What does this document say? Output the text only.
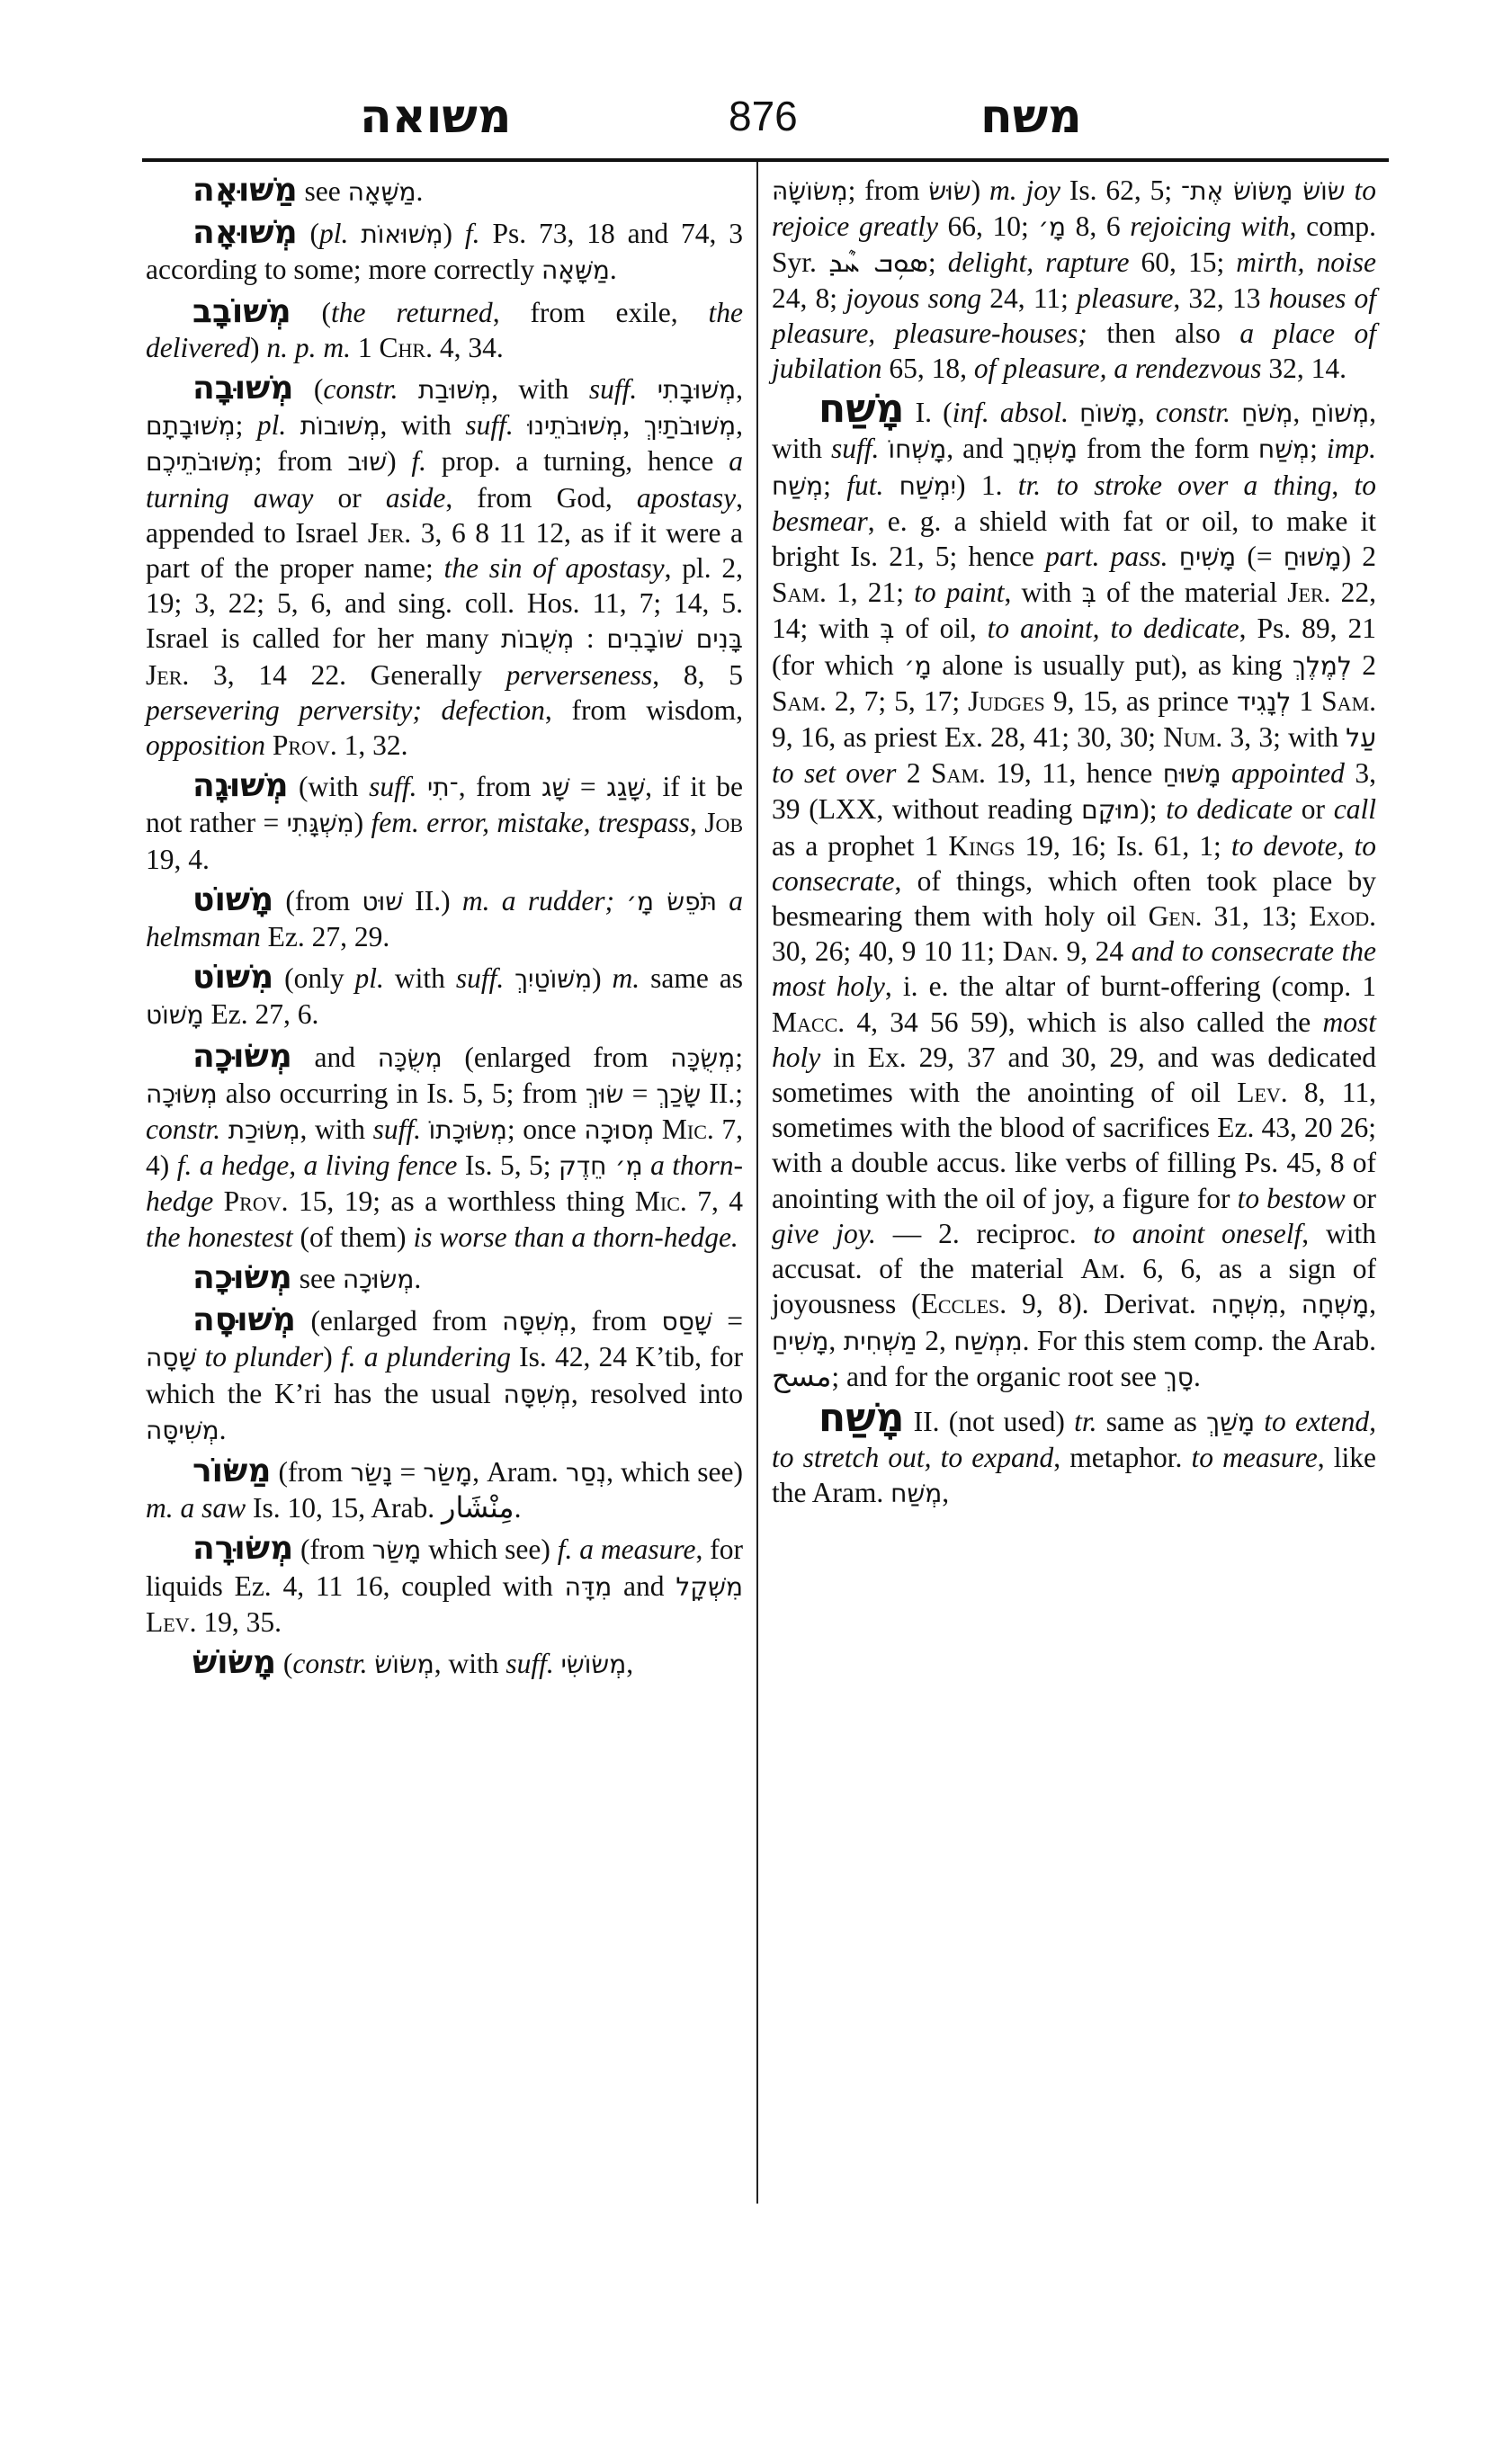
משואה	876	משח

מַשּׁוּאָה see מַשָּׁאָה.

מְשׁוּאָה (pl. מְשׁוּאוֹת) f. Ps. 73, 18 and 74, 3 according to some; more correctly מַשָּׁאָה.

מְשׁוֹבָב (the returned, from exile, the delivered) n. p. m. 1 Chr. 4, 34.

מְשׁוּבָה (constr. מְשׁוּבַת, with suff. מְשׁוּבָתִי, מְשׁוּבָתָם; pl. מְשׁוּבוֹת, with suff. מְשׁוּבֹתֵינוּ, מְשׁוּבֹתַיִךְ, מְשׁוּבֹתֵיכֶם; from שׁוּב) f. prop. a turning, hence a turning away or aside, from God, apostasy, appended to Israel Jer. 3, 6 8 11 12, as if it were a part of the proper name; the sin of apostasy, pl. 2, 19; 3, 22; 5, 6, and sing. coll. Hos. 11, 7; 14, 5. Israel is called for her many מְשֻׁבוֹת : בָּנִים שׁוֹבָבִים Jer. 3, 14 22. Generally perverseness, 8, 5 persevering perversity; defection, from wisdom, opposition Prov. 1, 32.

מְשׁוּגָה (with suff. ־תִי, from שָׁג = שָׁגַג, if it be not rather = מִשְׁגָּתִי) fem. error, mistake, trespass, Job 19, 4.

מָשׁוֹט (from שׁוּט II.) m. a rudder; תֹּפֵשׂ מָ׳ a helmsman Ez. 27, 29.

מִשּׁוֹט (only pl. with suff. מִשּׁוֹטַיִךְ) m. same as מָשׁוֹט Ez. 27, 6.

מְשׂוּכָה and מְשֻׂכָּה (enlarged from מְשֻׂכָּה; מְשׂוּכָה also occurring in Is. 5, 5; from שׂוּךְ = שָׂכַךְ II.; constr. מְשׂוּכַת, with suff. מְשׂוּכָתוֹ; once מְסוּכָה Mic. 7, 4) f. a hedge, a living fence Is. 5, 5; מְ׳ חֵדֶק a thorn-hedge Prov. 15, 19; as a worthless thing Mic. 7, 4 the honestest (of them) is worse than a thorn-hedge.

מְשׂוּכָה see מְשׂוּכָה.

מְשׁוּסָה (enlarged from מְשִׁסָּה, from שָׁסַס = שָׁסָה to plunder) f. a plundering Is. 42, 24 K’tib, for which the K’ri has the usual מְשִׁסָּה, resolved into מְשִׁיסָּה.

מַשּׂוֹר (from נָשַׂר = מָשַׂר, Aram. נְסַר, which see) m. a saw Is. 10, 15, Arab. مِنْشَار.

מְשׂוּרָה (from מָשַׂר which see) f. a measure, for liquids Ez. 4, 11 16, coupled with מִדָּה and מִשְׁקָל Lev. 19, 35.

מָשׂוֹשׂ (constr. מְשׂוֹשׂ, with suff. מְשׂוֹשִׂי,

מְשׂוֹשָׂהּ; from שׂוּשׂ) m. joy Is. 62, 5; שׂוֹשׂ מָשׂוֹשׂ אֶת־ to rejoice greatly 66, 10; מָ׳ 8, 6 rejoicing with, comp. Syr. ܣܘܼܒ ܚܶܕ; delight, rapture 60, 15; mirth, noise 24, 8; joyous song 24, 11; pleasure, 32, 13 houses of pleasure, pleasure-houses; then also a place of jubilation 65, 18, of pleasure, a rendezvous 32, 14.

מָשַׁח I. (inf. absol. מָשׁוֹחַ, constr. מְשֹׁחַ, מְשׁוֹחַ, with suff. מָשְׁחוֹ, and מָשְׁחֲךָ from the form מְשַׁח; imp. מְשַׁח; fut. יִמְשַׁח) 1. tr. to stroke over a thing, to besmear, e. g. a shield with fat or oil, to make it bright Is. 21, 5; hence part. pass. מָשִׁיחַ (= מָשׁוּחַ) 2 Sam. 1, 21; to paint, with בְּ of the material Jer. 22, 14; with בְּ of oil, to anoint, to dedicate, Ps. 89, 21 (for which מָ׳ alone is usually put), as king לְמֶלֶךְ 2 Sam. 2, 7; 5, 17; Judges 9, 15, as prince לְנָגִיד 1 Sam. 9, 16, as priest Ex. 28, 41; 30, 30; Num. 3, 3; with עַל to set over 2 Sam. 19, 11, hence מָשׁוּחַ appointed 3, 39 (LXX, without reading מוּקָם); to dedicate or call as a prophet 1 Kings 19, 16; Is. 61, 1; to devote, to consecrate, of things, which often took place by besmearing them with holy oil Gen. 31, 13; Exod. 30, 26; 40, 9 10 11; Dan. 9, 24 and to consecrate the most holy, i. e. the altar of burnt-offering (comp. 1 Macc. 4, 34 56 59), which is also called the most holy in Ex. 29, 37 and 30, 29, and was dedicated sometimes with the anointing of oil Lev. 8, 11, sometimes with the blood of sacrifices Ez. 43, 20 26; with a double accus. like verbs of filling Ps. 45, 8 of anointing with the oil of joy, a figure for to bestow or give joy. — 2. reciproc. to anoint oneself, with accusat. of the material Am. 6, 6, as a sign of joyousness (Eccles. 9, 8). Derivat. מִשְׁחָה, מָשְׁחָה, מָשִׁיחַ, מַשְׁחִית 2, מִמְשַׁח. For this stem comp. the Arab. مسح; and for the organic root see סָךְ.

מָשַׁח II. (not used) tr. same as מָשַׁךְ to extend, to stretch out, to expand, metaphor. to measure, like the Aram. מְשַׁח,
